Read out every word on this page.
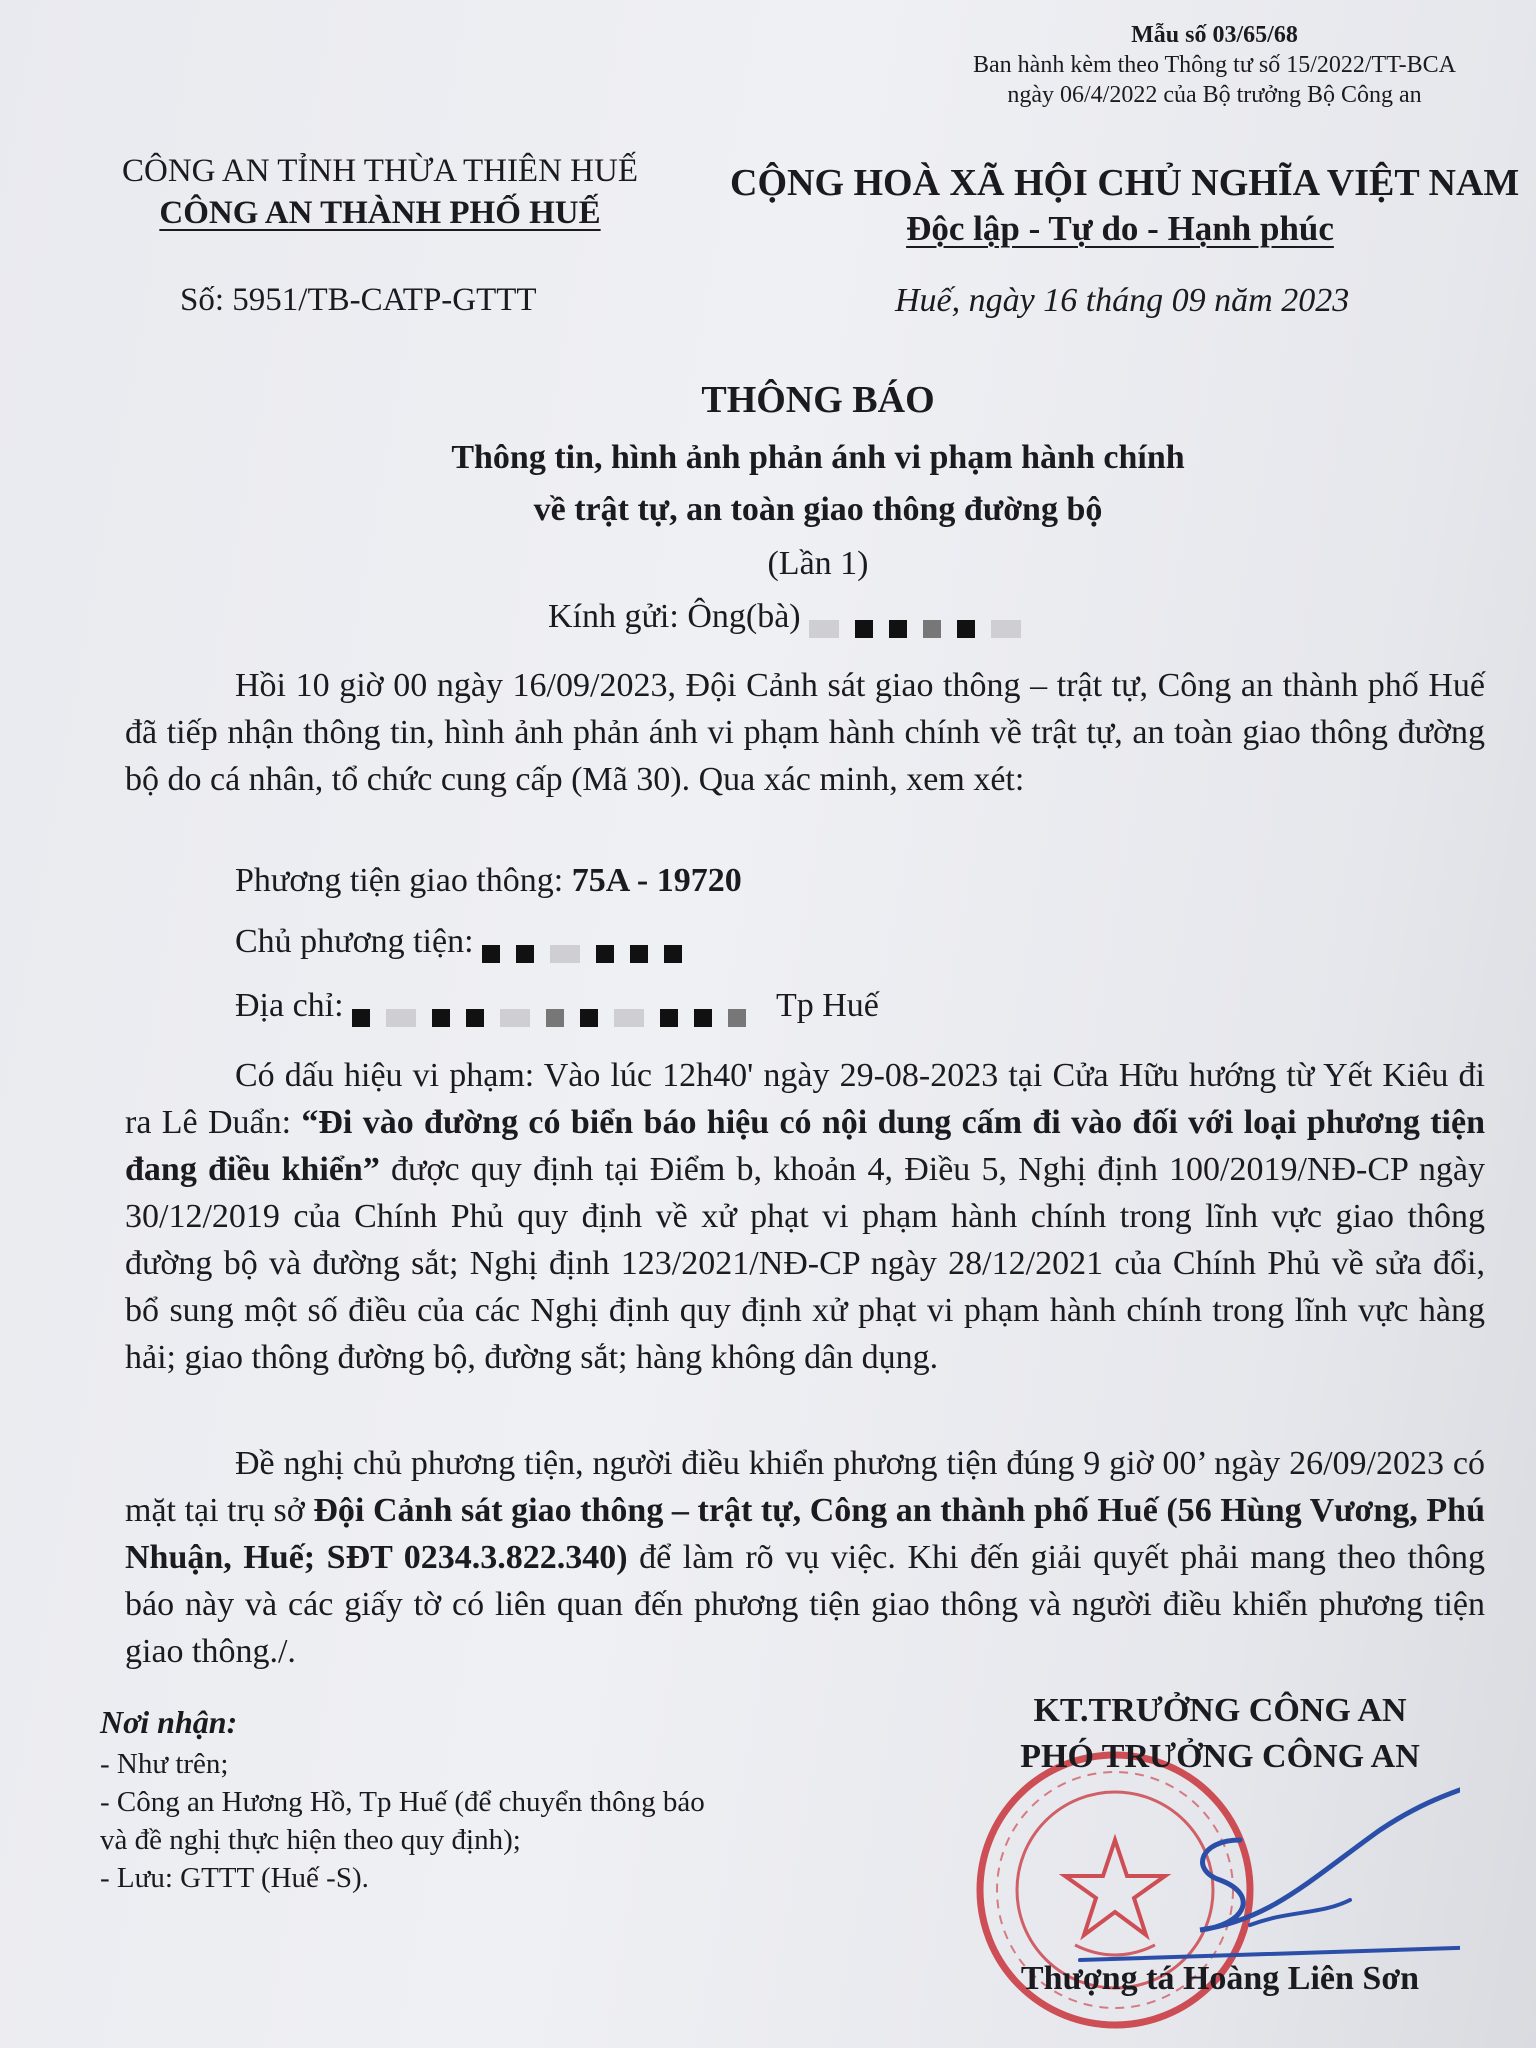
Mẫu số 03/65/68
Ban hành kèm theo Thông tư số 15/2022/TT-BCA
ngày 06/4/2022 của Bộ trưởng Bộ Công an
CÔNG AN TỈNH THỪA THIÊN HUẾ
CÔNG AN THÀNH PHỐ HUẾ
CỘNG HOÀ XÃ HỘI CHỦ NGHĨA VIỆT NAM
Độc lập - Tự do - Hạnh phúc
Số: 5951/TB-CATP-GTTT	Huế, ngày 16 tháng 09 năm 2023
THÔNG BÁO
Thông tin, hình ảnh phản ánh vi phạm hành chính
về trật tự, an toàn giao thông đường bộ
(Lần 1)
Kính gửi: Ông(bà)

Hồi 10 giờ 00 ngày 16/09/2023, Đội Cảnh sát giao thông – trật tự, Công an thành phố Huế đã tiếp nhận thông tin, hình ảnh phản ánh vi phạm hành chính về trật tự, an toàn giao thông đường bộ do cá nhân, tổ chức cung cấp (Mã 30). Qua xác minh, xem xét:

Phương tiện giao thông: 75A - 19720
Chủ phương tiện:
Địa chỉ:	Tp Huế

Có dấu hiệu vi phạm: Vào lúc 12h40' ngày 29-08-2023 tại Cửa Hữu hướng từ Yết Kiêu đi ra Lê Duẩn: “Đi vào đường có biển báo hiệu có nội dung cấm đi vào đối với loại phương tiện đang điều khiển” được quy định tại Điểm b, khoản 4, Điều 5, Nghị định 100/2019/NĐ-CP ngày 30/12/2019 của Chính Phủ quy định về xử phạt vi phạm hành chính trong lĩnh vực giao thông đường bộ và đường sắt; Nghị định 123/2021/NĐ-CP ngày 28/12/2021 của Chính Phủ về sửa đổi, bổ sung một số điều của các Nghị định quy định xử phạt vi phạm hành chính trong lĩnh vực hàng hải; giao thông đường bộ, đường sắt; hàng không dân dụng.

Đề nghị chủ phương tiện, người điều khiển phương tiện đúng 9 giờ 00’ ngày 26/09/2023 có mặt tại trụ sở Đội Cảnh sát giao thông – trật tự, Công an thành phố Huế (56 Hùng Vương, Phú Nhuận, Huế; SĐT 0234.3.822.340) để làm rõ vụ việc. Khi đến giải quyết phải mang theo thông báo này và các giấy tờ có liên quan đến phương tiện giao thông và người điều khiển phương tiện giao thông./.

Nơi nhận:
- Như trên;
- Công an Hương Hồ, Tp Huế (để chuyển thông báo
và đề nghị thực hiện theo quy định);
- Lưu: GTTT (Huế -S).
KT.TRƯỞNG CÔNG AN
PHÓ TRƯỞNG CÔNG AN
Thượng tá Hoàng Liên Sơn
